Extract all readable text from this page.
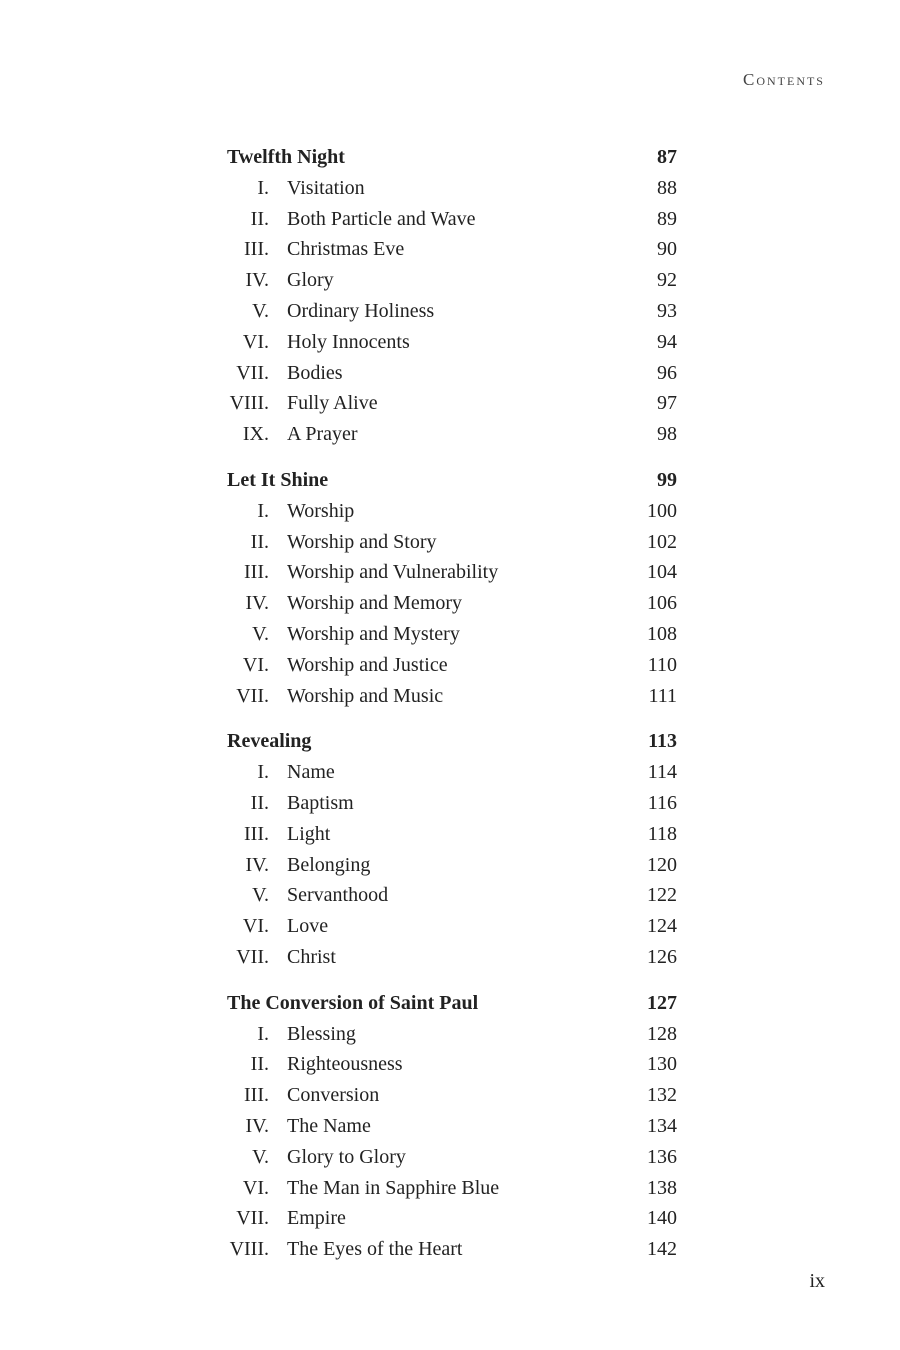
Contents
Twelfth Night	87
I. Visitation	88
II. Both Particle and Wave	89
III. Christmas Eve	90
IV. Glory	92
V. Ordinary Holiness	93
VI. Holy Innocents	94
VII. Bodies	96
VIII. Fully Alive	97
IX. A Prayer	98
Let It Shine	99
I. Worship	100
II. Worship and Story	102
III. Worship and Vulnerability	104
IV. Worship and Memory	106
V. Worship and Mystery	108
VI. Worship and Justice	110
VII. Worship and Music	111
Revealing	113
I. Name	114
II. Baptism	116
III. Light	118
IV. Belonging	120
V. Servanthood	122
VI. Love	124
VII. Christ	126
The Conversion of Saint Paul	127
I. Blessing	128
II. Righteousness	130
III. Conversion	132
IV. The Name	134
V. Glory to Glory	136
VI. The Man in Sapphire Blue	138
VII. Empire	140
VIII. The Eyes of the Heart	142
ix
